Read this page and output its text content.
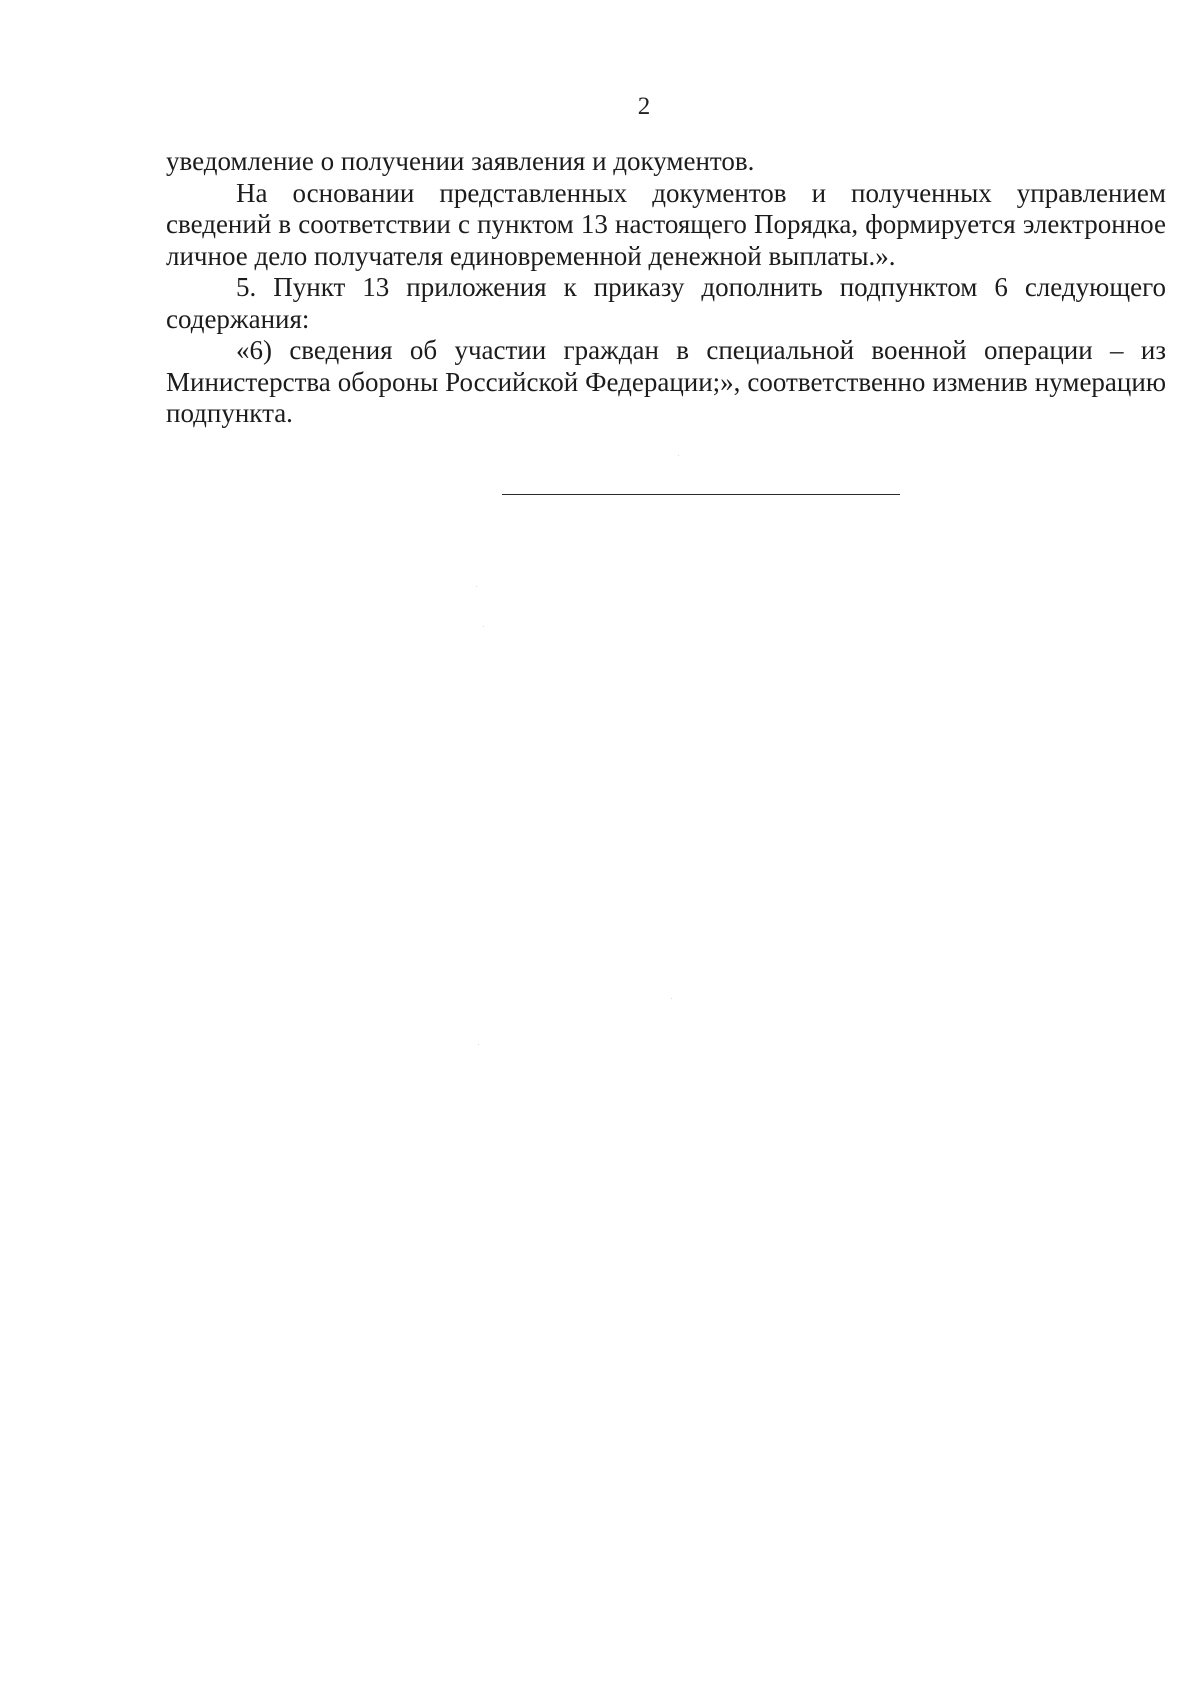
2

уведомление о получении заявления и документов.

На основании представленных документов и полученных управлением сведений в соответствии с пунктом 13 настоящего Порядка, формируется электронное личное дело получателя единовременной денежной выплаты.».

5. Пункт 13 приложения к приказу дополнить подпунктом 6 следующего содержания:

«6) сведения об участии граждан в специальной военной операции – из Министерства обороны Российской Федерации;», соответственно изменив нумерацию подпункта.
